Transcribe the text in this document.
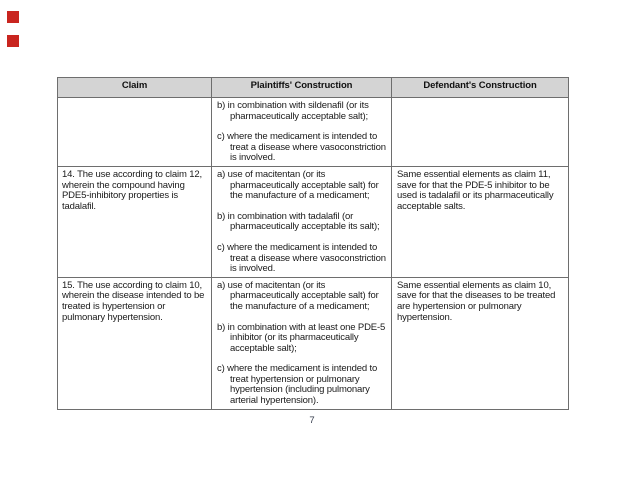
Claim	Plaintiffs' Construction	Defendant's Construction

	b) in combination with sildenafil (or its pharmaceutically acceptable salt);
c) where the medicament is intended to treat a disease where vasoconstriction is involved.	

14. The use according to claim 12, wherein the compound having PDE5-inhibitory properties is tadalafil.	a) use of macitentan (or its pharmaceutically acceptable salt) for the manufacture of a medicament;
b) in combination with tadalafil (or pharmaceutically acceptable its salt);
c) where the medicament is intended to treat a disease where vasoconstriction is involved.	Same essential elements as claim 11, save for that the PDE-5 inhibitor to be used is tadalafil or its pharmaceutically acceptable salts.
15. The use according to claim 10, wherein the disease intended to be treated is hypertension or pulmonary hypertension.	a) use of macitentan (or its pharmaceutically acceptable salt) for the manufacture of a medicament;
b) in combination with at least one PDE-5 inhibitor (or its pharmaceutically acceptable salt);
c) where the medicament is intended to treat hypertension or pulmonary hypertension (including pulmonary arterial hypertension).	Same essential elements as claim 10, save for that the diseases to be treated are hypertension or pulmonary hypertension.
7
